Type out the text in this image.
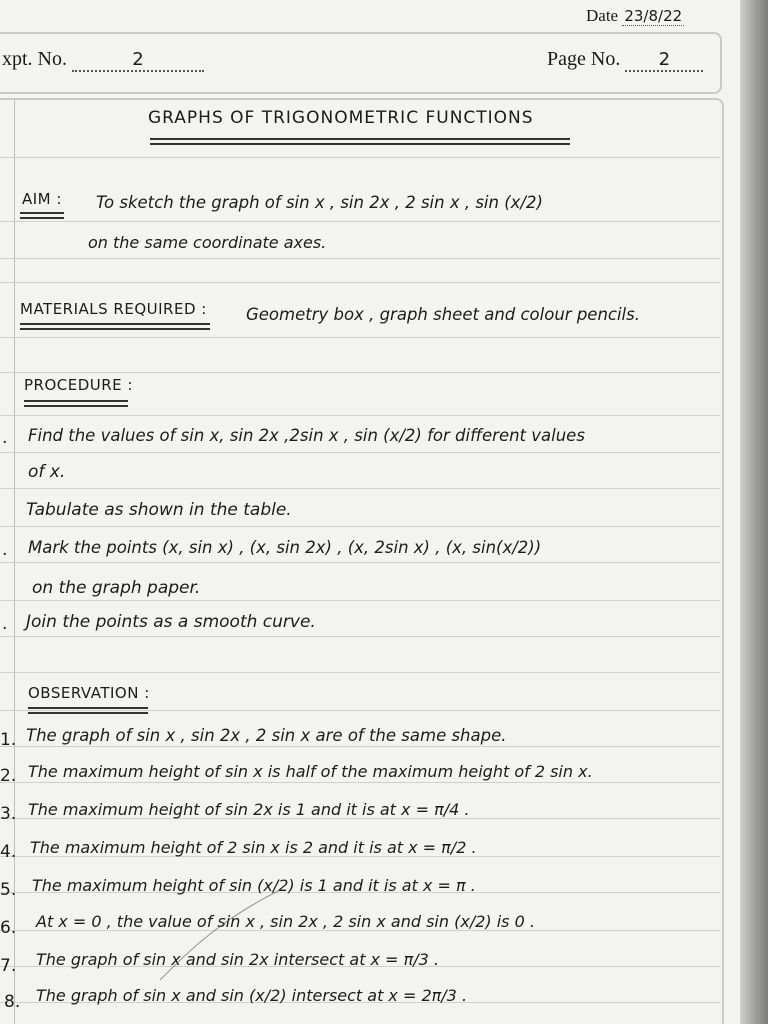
Date 23/8/22
xpt. No.	2	Page No. 2
GRAPHS OF TRIGONOMETRIC FUNCTIONS
AIM : To sketch the graph of sin x , sin 2x , 2 sin x , sin (x/2)
on the same coordinate axes.
MATERIALS REQUIRED : Geometry box , graph sheet and colour pencils.
PROCEDURE :
. Find the values of sin x, sin 2x ,2sin x , sin (x/2) for different values
of x.
Tabulate as shown in the table.
. Mark the points (x, sin x) , (x, sin 2x) , (x, 2sin x) , (x, sin(x/2))
on the graph paper.
. Join the points as a smooth curve.
OBSERVATION :
1. The graph of sin x , sin 2x , 2 sin x are of the same shape.
2. The maximum height of sin x is half of the maximum height of 2 sin x.
3. The maximum height of sin 2x is 1 and it is at x = π/4 .
4. The maximum height of 2 sin x is 2 and it is at x = π/2 .
5. The maximum height of sin (x/2) is 1 and it is at x = π .
6. At x = 0 , the value of sin x , sin 2x , 2 sin x and sin (x/2) is 0 .
7. The graph of sin x and sin 2x intersect at x = π/3 .
8. The graph of sin x and sin (x/2) intersect at x = 2π/3 .
